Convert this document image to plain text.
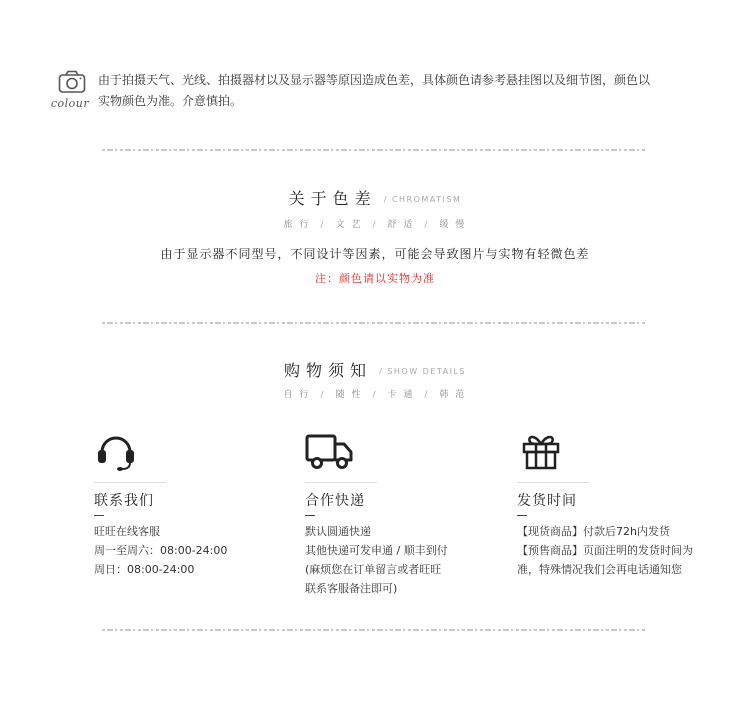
colour
由于拍摄天气、光线、拍摄器材以及显示器等原因造成色差，具体颜色请参考悬挂图以及细节图，颜色以
实物颜色为准。介意慎拍。
关于色差 / CHROMATISM
旅 行 / 文 艺 / 舒 适 / 缓 慢
由于显示器不同型号，不同设计等因素，可能会导致图片与实物有轻微色差
注：颜色请以实物为准
购物须知 / SHOW DETAILS
自 行 / 随 性 / 卡 通 / 韩 范
联系我们
旺旺在线客服
周一至周六：08:00-24:00
周日：08:00-24:00
合作快递
默认圆通快递
其他快递可发申通 / 顺丰到付
(麻烦您在订单留言或者旺旺
联系客服备注即可)
发货时间
【现货商品】付款后72h内发货
【预售商品】页面注明的发货时间为
准，特殊情况我们会再电话通知您
